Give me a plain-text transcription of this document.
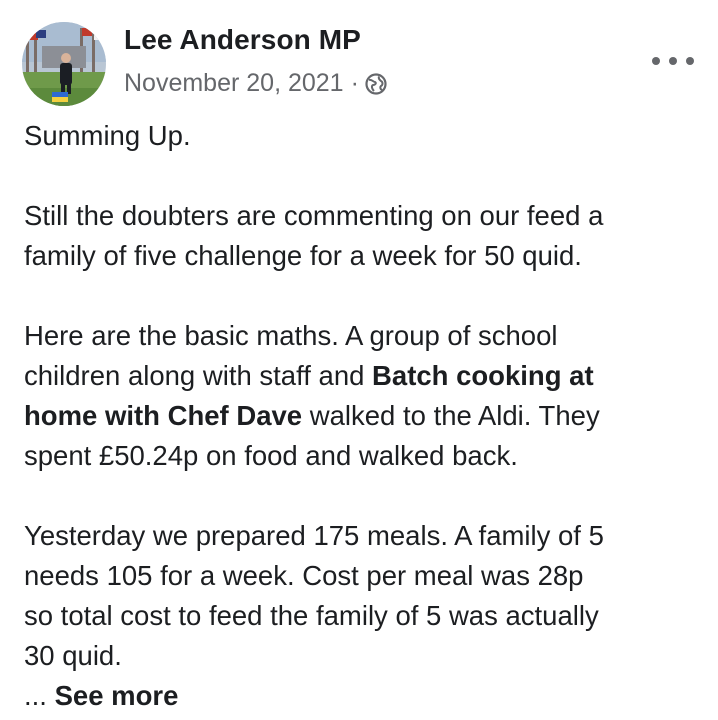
Lee Anderson MP
November 20, 2021 ·

Summing Up.

Still the doubters are commenting on our feed a

family of five challenge for a week for 50 quid.

Here are the basic maths. A group of school

children along with staff and Batch cooking at

home with Chef Dave walked to the Aldi. They

spent £50.24p on food and walked back.

Yesterday we prepared 175 meals. A family of 5

needs 105 for a week. Cost per meal was 28p

so total cost to feed the family of 5 was actually

30 quid.

... See more
